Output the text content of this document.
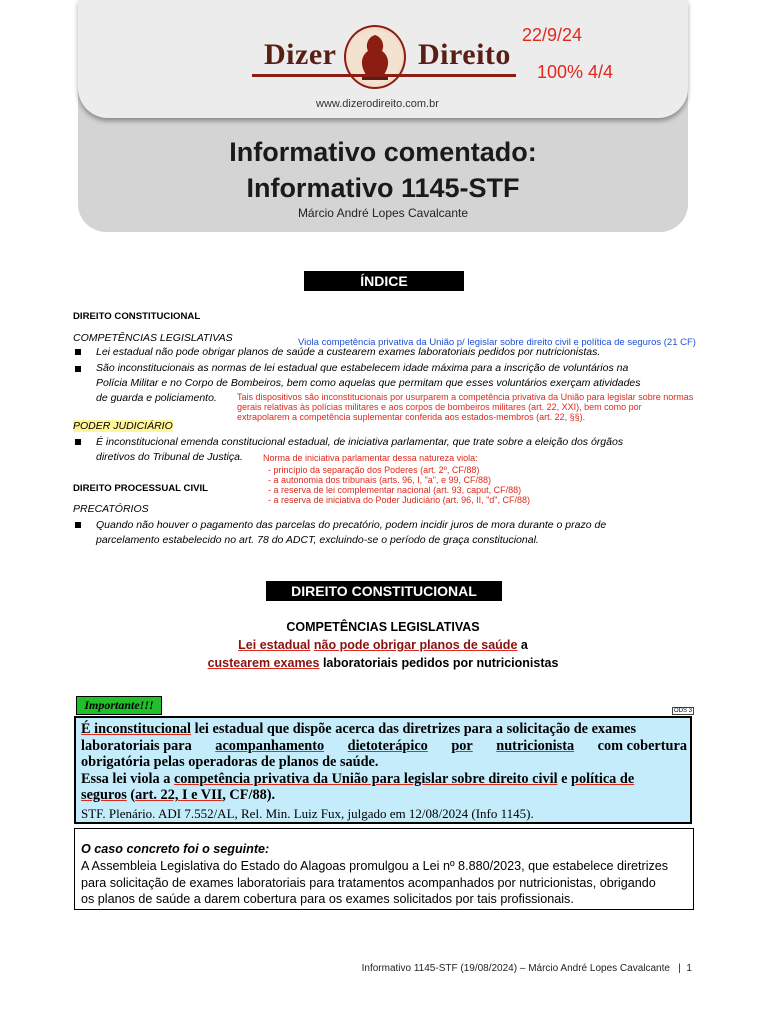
Dizer	Direito
www.dizerodireito.com.br
22/9/24
100% 4/4
Informativo comentado:
Informativo 1145-STF
Márcio André Lopes Cavalcante
ÍNDICE
DIREITO CONSTITUCIONAL
COMPETÊNCIAS LEGISLATIVAS	Viola competência privativa da União p/ legislar sobre direito civil e política de seguros (21 CF)
Lei estadual não pode obrigar planos de saúde a custearem exames laboratoriais pedidos por nutricionistas.
São inconstitucionais as normas de lei estadual que estabelecem idade máxima para a inscrição de voluntários na
Polícia Militar e no Corpo de Bombeiros, bem como aquelas que permitam que esses voluntários exerçam atividades
de guarda e policiamento. Tais dispositivos são inconstitucionais por usurparem a competência privativa da União para legislar sobre normas
gerais relativas às polícias militares e aos corpos de bombeiros militares (art. 22, XXI), bem como por
extrapolarem a competência suplementar conferida aos estados-membros (art. 22, §§).
PODER JUDICIÁRIO
É inconstitucional emenda constitucional estadual, de iniciativa parlamentar, que trate sobre a eleição dos órgãos
diretivos do Tribunal de Justiça. Norma de iniciativa parlamentar dessa natureza viola:
- princípio da separação dos Poderes (art. 2º, CF/88)
- a autonomia dos tribunais (arts. 96, I, "a", e 99, CF/88)
- a reserva de lei complementar nacional (art. 93, caput, CF/88)
- a reserva de iniciativa do Poder Judiciário (art. 96, II, "d", CF/88)
DIREITO PROCESSUAL CIVIL
PRECATÓRIOS
Quando não houver o pagamento das parcelas do precatório, podem incidir juros de mora durante o prazo de
parcelamento estabelecido no art. 78 do ADCT, excluindo-se o período de graça constitucional.
DIREITO CONSTITUCIONAL
COMPETÊNCIAS LEGISLATIVAS
Lei estadual não pode obrigar planos de saúde a
custearem exames laboratoriais pedidos por nutricionistas
Importante!!!	ODS 3
É inconstitucional lei estadual que dispõe acerca das diretrizes para a solicitação de exames
laboratoriais para acompanhamento dietoterápico por nutricionista com cobertura
obrigatória pelas operadoras de planos de saúde.
Essa lei viola a competência privativa da União para legislar sobre direito civil e política de
seguros (art. 22, I e VII, CF/88).
STF. Plenário. ADI 7.552/AL, Rel. Min. Luiz Fux, julgado em 12/08/2024 (Info 1145).
O caso concreto foi o seguinte:
A Assembleia Legislativa do Estado do Alagoas promulgou a Lei nº 8.880/2023, que estabelece diretrizes
para solicitação de exames laboratoriais para tratamentos acompanhados por nutricionistas, obrigando
os planos de saúde a darem cobertura para os exames solicitados por tais profissionais.
Informativo 1145-STF (19/08/2024) – Márcio André Lopes Cavalcante   |  1
